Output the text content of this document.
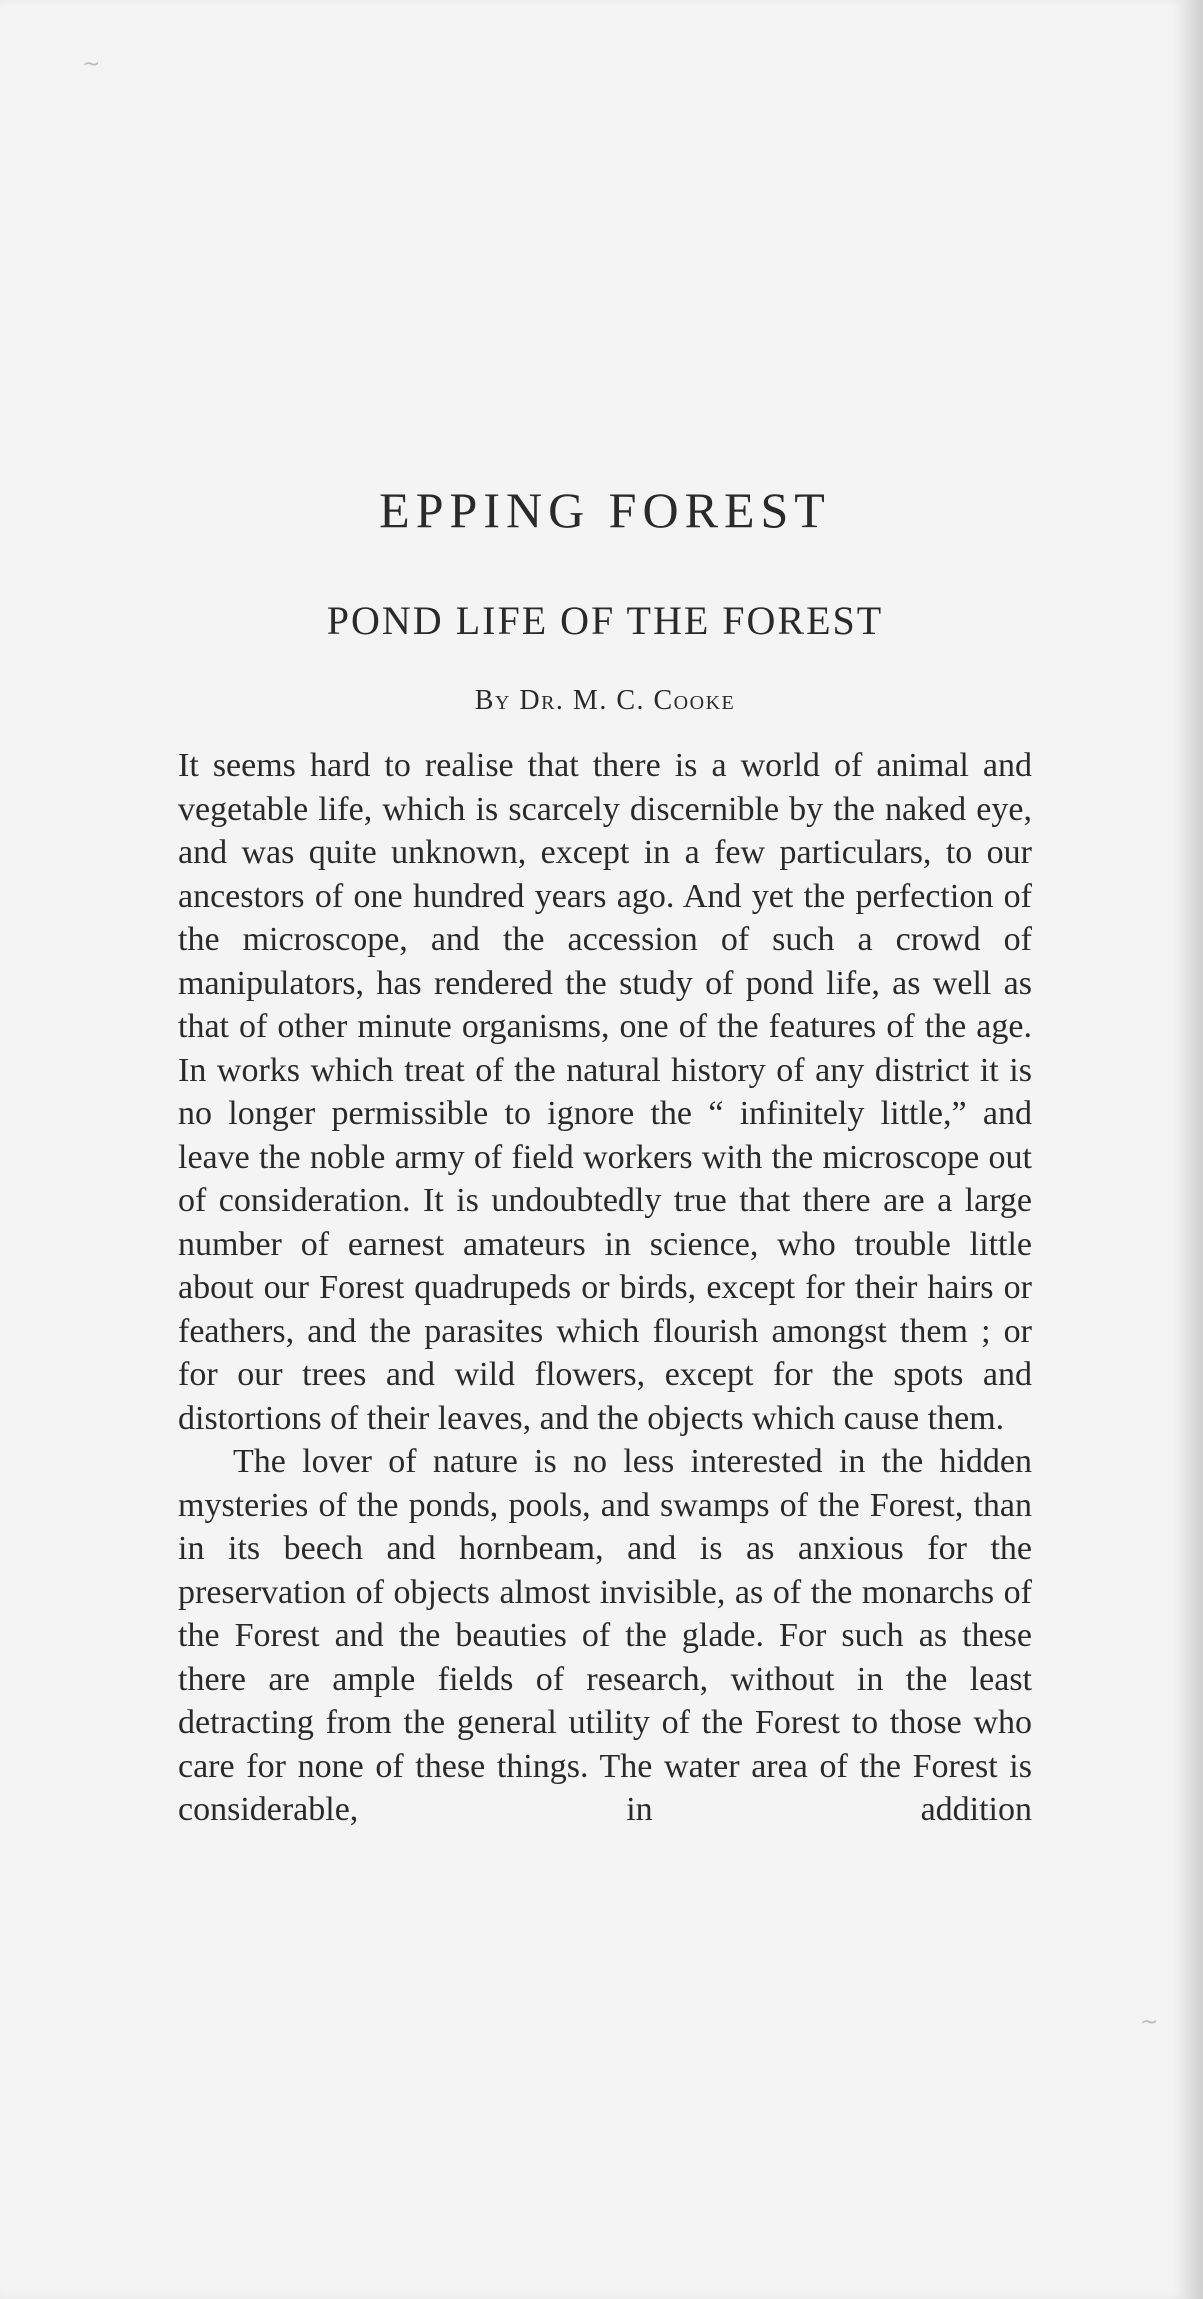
~
~
EPPING FOREST
POND LIFE OF THE FOREST
By Dr. M. C. Cooke

It seems hard to realise that there is a world of animal and vegetable life, which is scarcely discernible by the naked eye, and was quite unknown, except in a few particulars, to our ancestors of one hundred years ago. And yet the perfection of the microscope, and the accession of such a crowd of manipulators, has rendered the study of pond life, as well as that of other minute organisms, one of the features of the age. In works which treat of the natural history of any district it is no longer permissible to ignore the “ infinitely little,” and leave the noble army of field workers with the microscope out of consideration. It is undoubtedly true that there are a large number of earnest amateurs in science, who trouble little about our Forest quadrupeds or birds, except for their hairs or feathers, and the parasites which flourish amongst them ; or for our trees and wild flowers, except for the spots and distortions of their leaves, and the objects which cause them.

The lover of nature is no less interested in the hidden mysteries of the ponds, pools, and swamps of the Forest, than in its beech and hornbeam, and is as anxious for the preservation of objects almost invisible, as of the monarchs of the Forest and the beauties of the glade. For such as these there are ample fields of research, without in the least detracting from the general utility of the Forest to those who care for none of these things. The water area of the Forest is considerable, in addition
